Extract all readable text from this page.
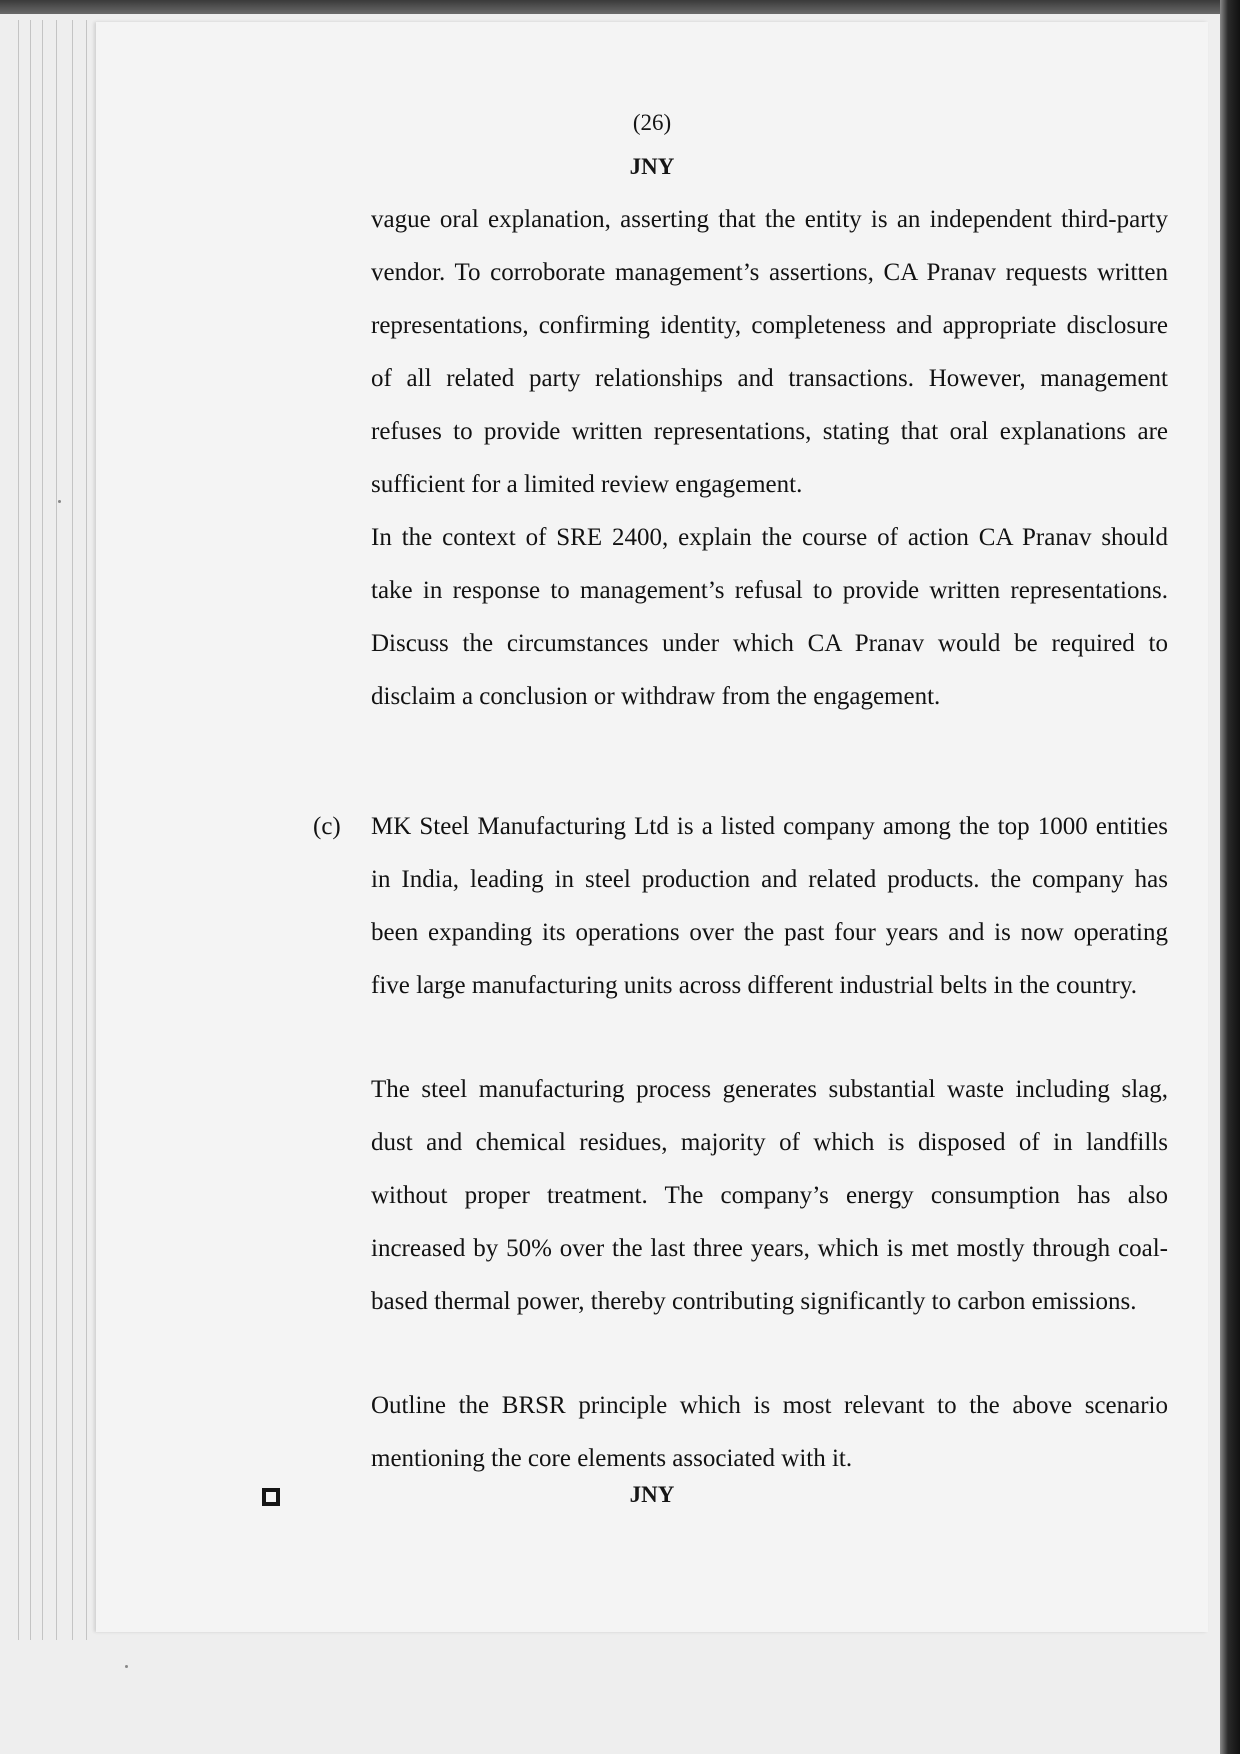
(26)
JNY

vague oral explanation, asserting that the entity is an independent third-party vendor. To corroborate management’s assertions, CA Pranav requests written representations, confirming identity, completeness and appropriate disclosure of all related party relationships and transactions. However, management refuses to provide written representations, stating that oral explanations are sufficient for a limited review engagement.

In the context of SRE 2400, explain the course of action CA Pranav should take in response to management’s refusal to provide written representations. Discuss the circumstances under which CA Pranav would be required to disclaim a conclusion or withdraw from the engagement.

(c) MK Steel Manufacturing Ltd is a listed company among the top 1000 entities in India, leading in steel production and related products. the company has been expanding its operations over the past four years and is now operating five large manufacturing units across different industrial belts in the country.

The steel manufacturing process generates substantial waste including slag, dust and chemical residues, majority of which is disposed of in landfills without proper treatment. The company’s energy consumption has also increased by 50% over the last three years, which is met mostly through coal-based thermal power, thereby contributing significantly to carbon emissions.

Outline the BRSR principle which is most relevant to the above scenario mentioning the core elements associated with it.

JNY
